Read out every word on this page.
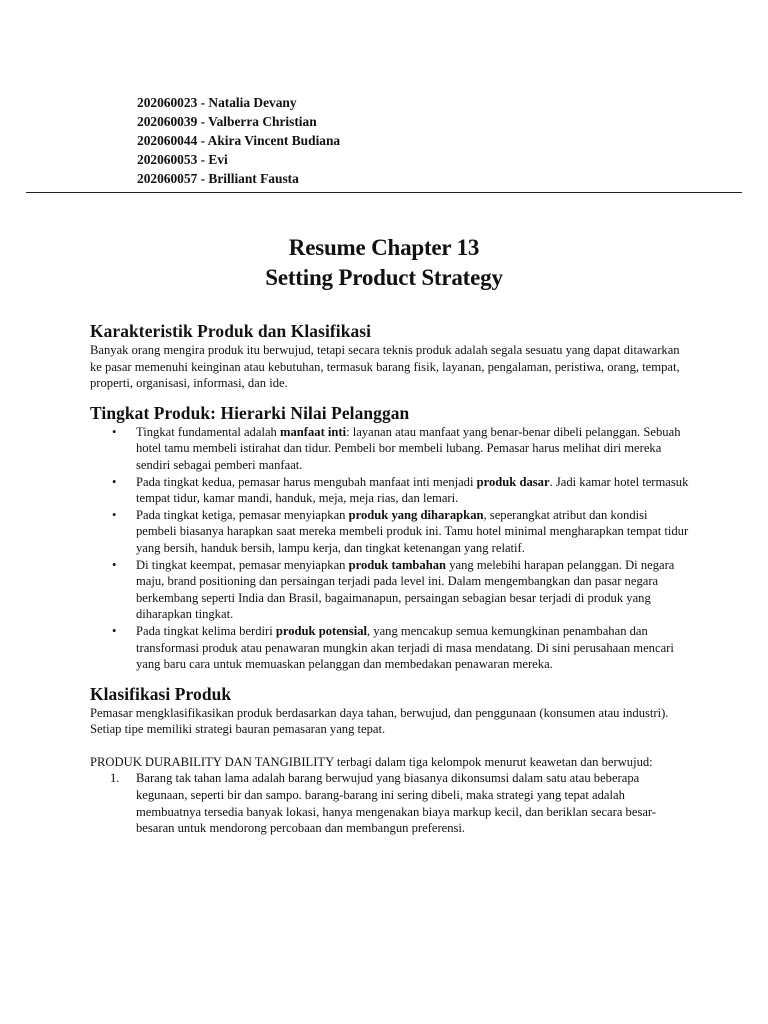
202060023 - Natalia Devany
202060039 - Valberra Christian
202060044 - Akira Vincent Budiana
202060053 - Evi
202060057 - Brilliant Fausta
Resume Chapter 13
Setting Product Strategy
Karakteristik Produk dan Klasifikasi

Banyak orang mengira produk itu berwujud, tetapi secara teknis produk adalah segala sesuatu yang dapat ditawarkan ke pasar memenuhi keinginan atau kebutuhan, termasuk barang fisik, layanan, pengalaman, peristiwa, orang, tempat, properti, organisasi, informasi, dan ide.

Tingkat Produk: Hierarki Nilai Pelanggan
• Tingkat fundamental adalah manfaat inti: layanan atau manfaat yang benar-benar dibeli pelanggan. Sebuah hotel tamu membeli istirahat dan tidur. Pembeli bor membeli lubang. Pemasar harus melihat diri mereka sendiri sebagai pemberi manfaat.
• Pada tingkat kedua, pemasar harus mengubah manfaat inti menjadi produk dasar. Jadi kamar hotel termasuk tempat tidur, kamar mandi, handuk, meja, meja rias, dan lemari.
• Pada tingkat ketiga, pemasar menyiapkan produk yang diharapkan, seperangkat atribut dan kondisi pembeli biasanya harapkan saat mereka membeli produk ini. Tamu hotel minimal mengharapkan tempat tidur yang bersih, handuk bersih, lampu kerja, dan tingkat ketenangan yang relatif.
• Di tingkat keempat, pemasar menyiapkan produk tambahan yang melebihi harapan pelanggan. Di negara maju, brand positioning dan persaingan terjadi pada level ini. Dalam mengembangkan dan pasar negara berkembang seperti India dan Brasil, bagaimanapun, persaingan sebagian besar terjadi di produk yang diharapkan tingkat.
• Pada tingkat kelima berdiri produk potensial, yang mencakup semua kemungkinan penambahan dan transformasi produk atau penawaran mungkin akan terjadi di masa mendatang. Di sini perusahaan mencari yang baru cara untuk memuaskan pelanggan dan membedakan penawaran mereka.
Klasifikasi Produk

Pemasar mengklasifikasikan produk berdasarkan daya tahan, berwujud, dan penggunaan (konsumen atau industri). Setiap tipe memiliki strategi bauran pemasaran yang tepat.

PRODUK DURABILITY DAN TANGIBILITY terbagi dalam tiga kelompok menurut keawetan dan berwujud:

1. Barang tak tahan lama adalah barang berwujud yang biasanya dikonsumsi dalam satu atau beberapa kegunaan, seperti bir dan sampo. barang-barang ini sering dibeli, maka strategi yang tepat adalah membuatnya tersedia banyak lokasi, hanya mengenakan biaya markup kecil, dan beriklan secara besar-besaran untuk mendorong percobaan dan membangun preferensi.
